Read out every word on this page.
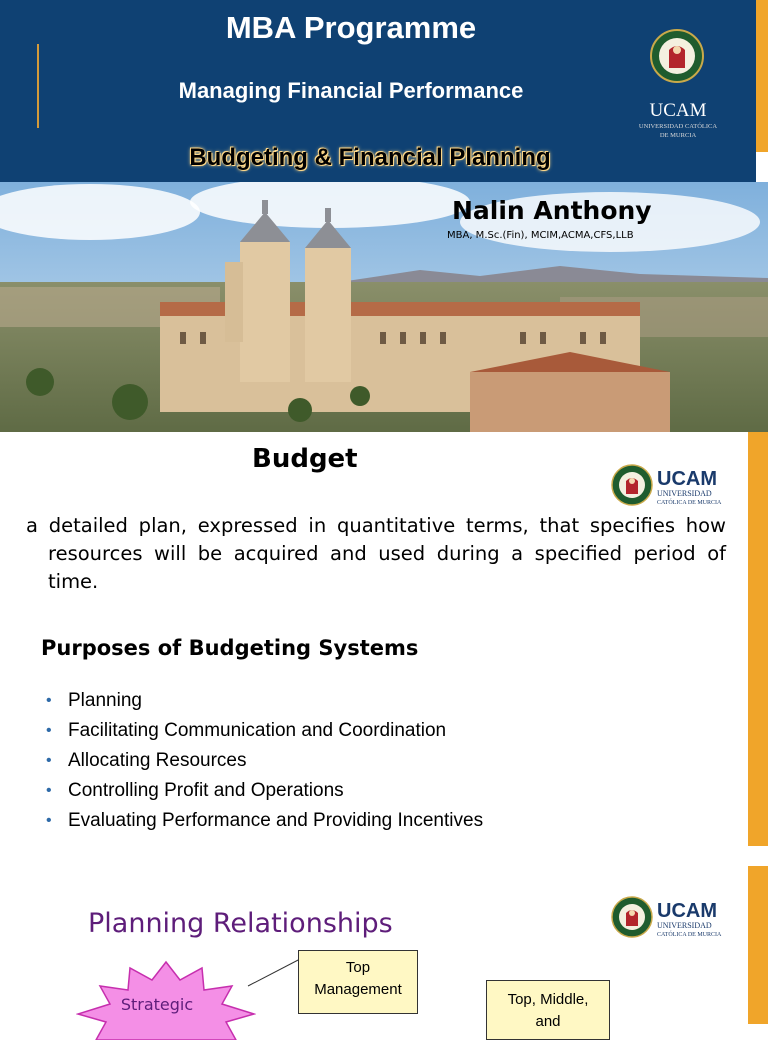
MBA Programme
Managing Financial Performance
UCAM
UNIVERSIDAD CATÓLICA
DE MURCIA
Budgeting & Financial Planning
Nalin Anthony
MBA, M.Sc.(Fin), MCIM,ACMA,CFS,LLB
Budget
UCAM
UNIVERSIDAD
CATÓLICA DE MURCIA
a detailed plan, expressed in quantitative terms, that specifies how resources will be acquired and used during a specified period of time.
Purposes of Budgeting Systems
• Planning
• Facilitating Communication and Coordination
• Allocating Resources
• Controlling Profit and Operations
• Evaluating Performance and Providing Incentives
Planning Relationships	UCAM
UNIVERSIDAD
CATÓLICA DE MURCIA
Strategic
Top
Management
Top, Middle,
and
